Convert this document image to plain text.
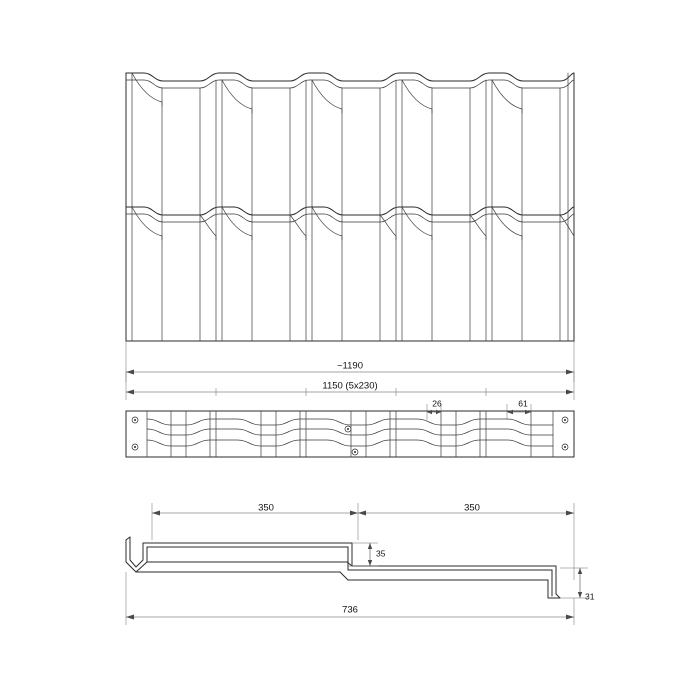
~1190
1150 (5x230)
26	61
350	350
35
31
736
